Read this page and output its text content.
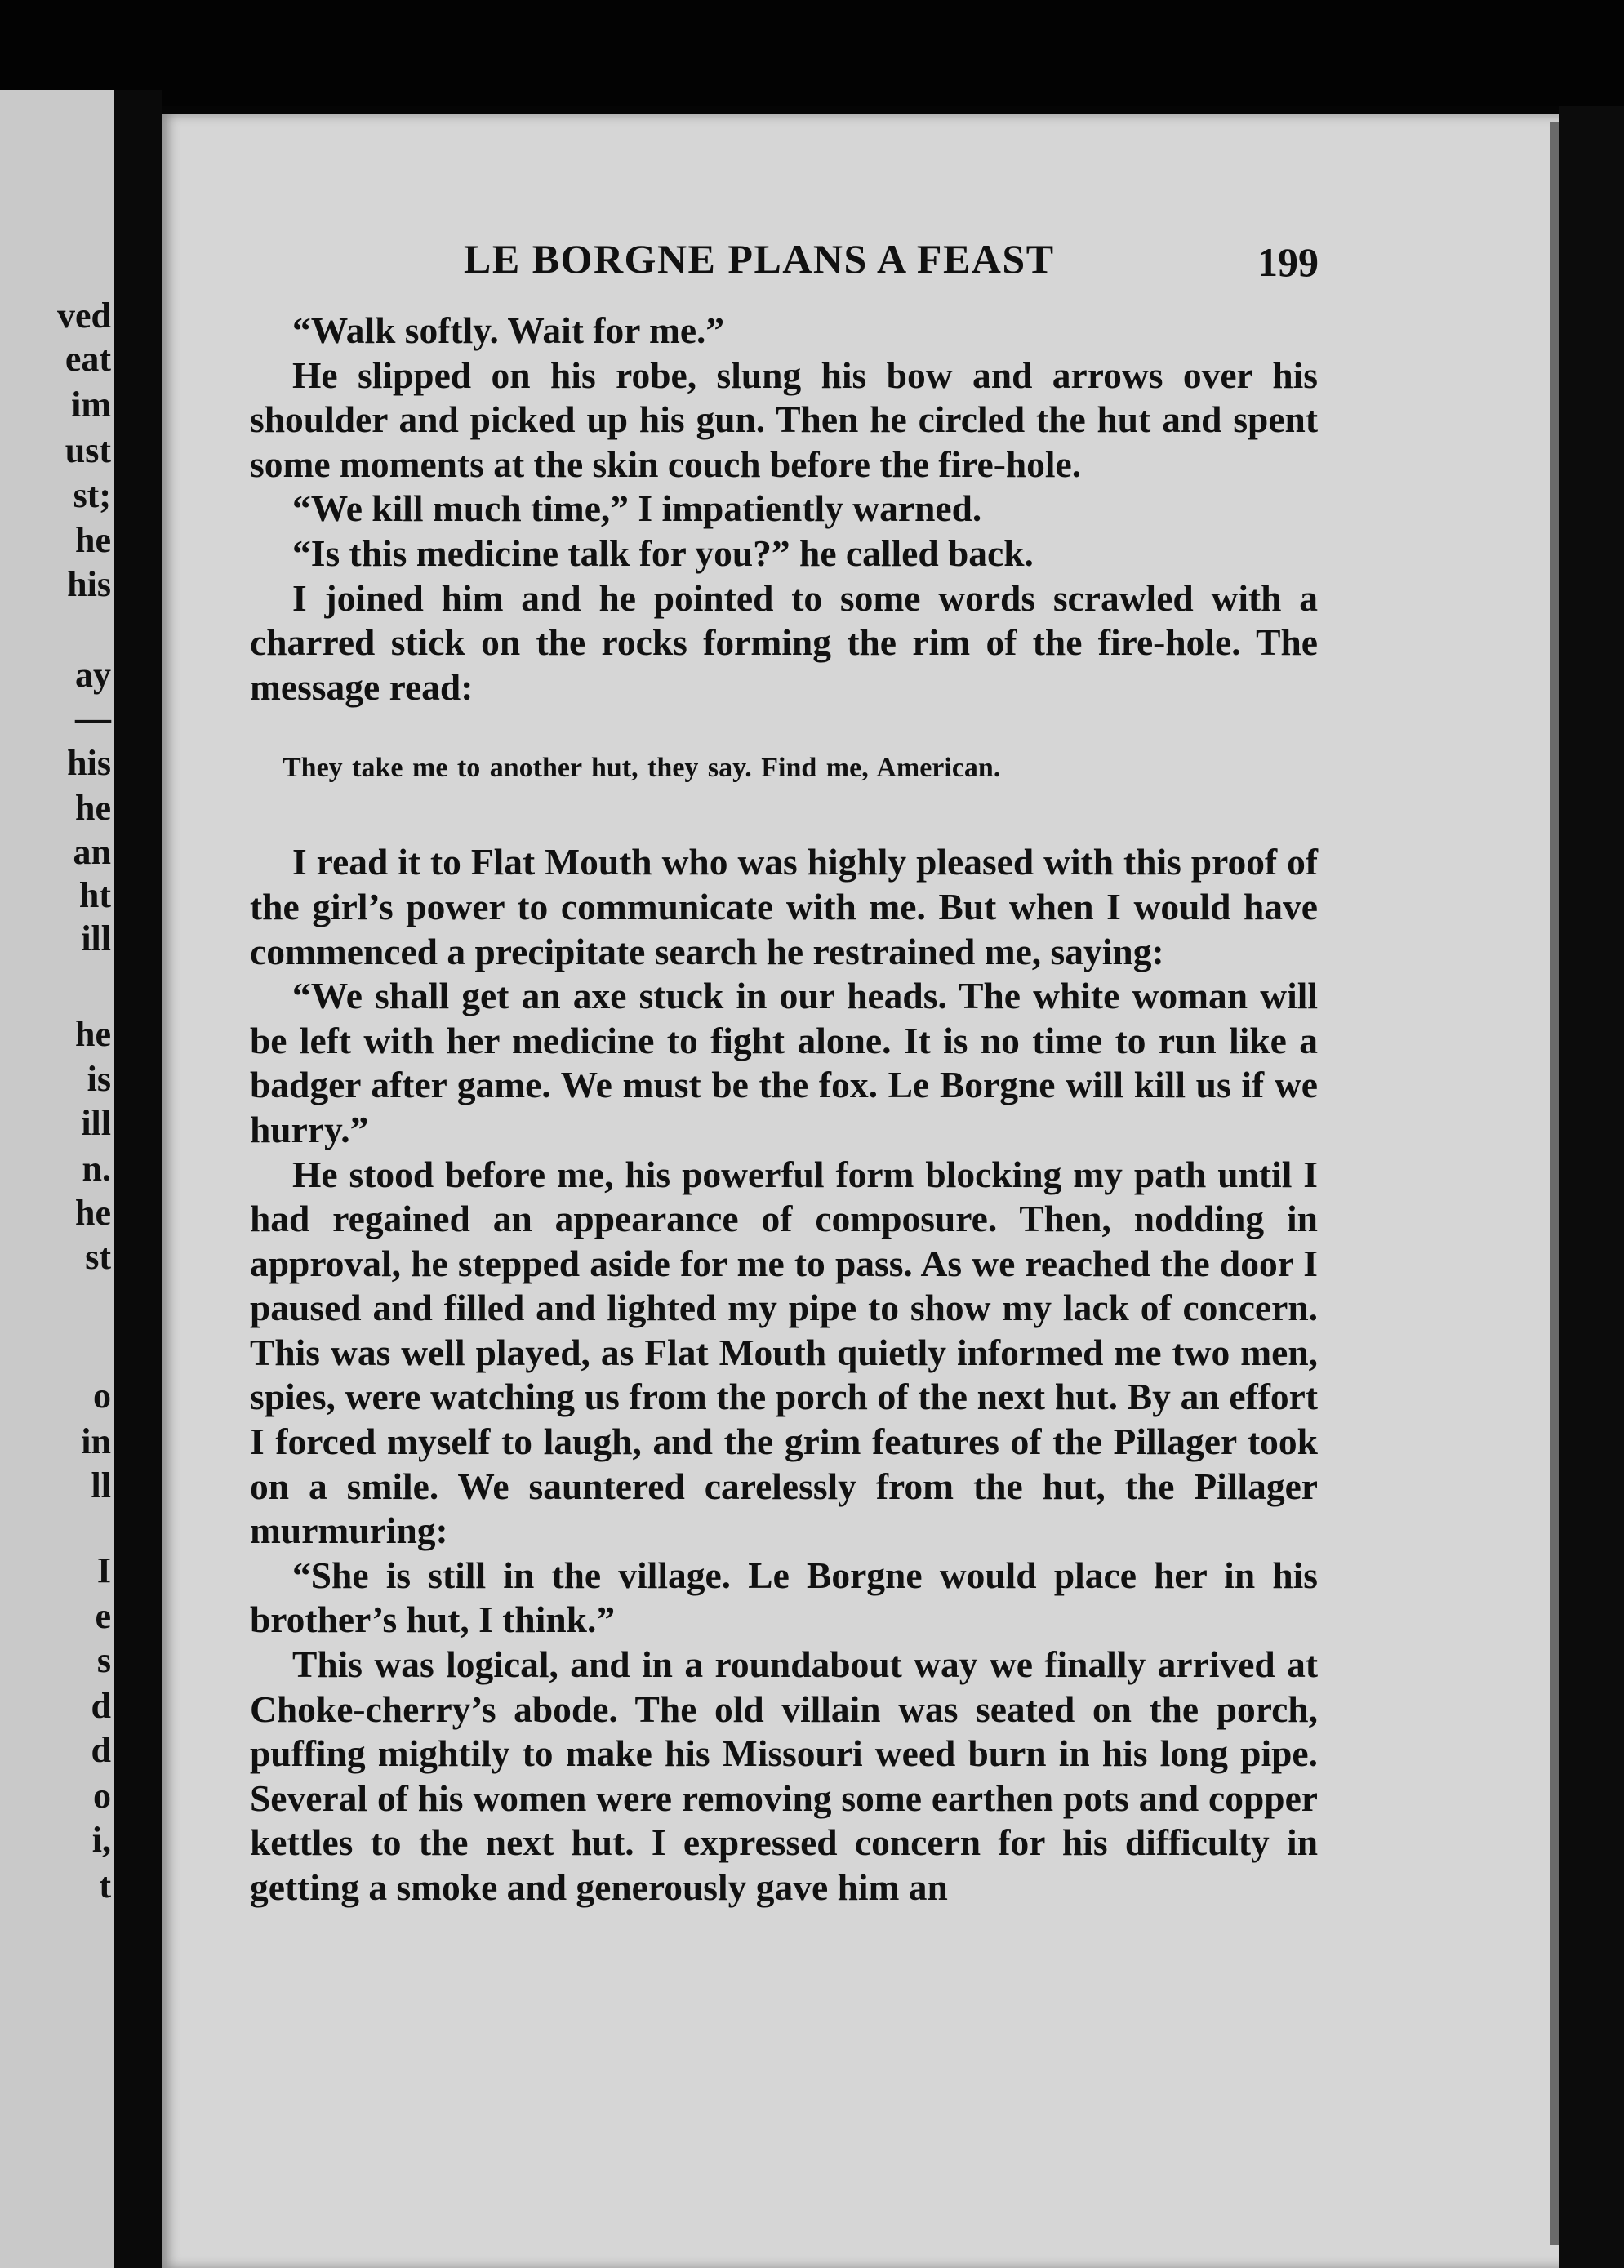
ved
eat
im
ust
st;
he
his
ay
—
his
he
an
ht
ill
he
is
ill
n.
he
st
o
in
ll
I
e
s
d
d
o
i,
t
LE BORGNE PLANS A FEAST	199

“Walk softly. Wait for me.”

He slipped on his robe, slung his bow and arrows over his shoulder and picked up his gun. Then he circled the hut and spent some moments at the skin couch before the fire-hole.

“We kill much time,” I impatiently warned.

“Is this medicine talk for you?” he called back.

I joined him and he pointed to some words scrawled with a charred stick on the rocks forming the rim of the fire-hole. The message read:

They take me to another hut, they say. Find me, American.

I read it to Flat Mouth who was highly pleased with this proof of the girl’s power to communicate with me. But when I would have commenced a precipitate search he restrained me, saying:

“We shall get an axe stuck in our heads. The white woman will be left with her medicine to fight alone. It is no time to run like a badger after game. We must be the fox. Le Borgne will kill us if we hurry.”

He stood before me, his powerful form blocking my path until I had regained an appearance of composure. Then, nodding in approval, he stepped aside for me to pass. As we reached the door I paused and filled and lighted my pipe to show my lack of concern. This was well played, as Flat Mouth quietly informed me two men, spies, were watching us from the porch of the next hut. By an effort I forced myself to laugh, and the grim features of the Pillager took on a smile. We sauntered carelessly from the hut, the Pillager murmuring:

“She is still in the village. Le Borgne would place her in his brother’s hut, I think.”

This was logical, and in a roundabout way we finally arrived at Choke-cherry’s abode. The old villain was seated on the porch, puffing mightily to make his Missouri weed burn in his long pipe. Several of his women were removing some earthen pots and copper kettles to the next hut. I expressed concern for his difficulty in getting a smoke and generously gave him an
